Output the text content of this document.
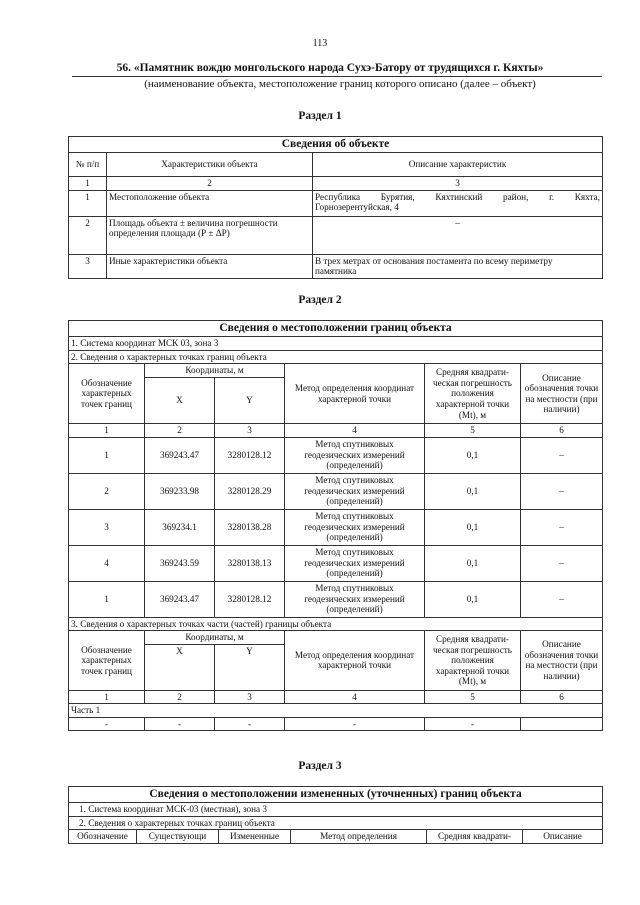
113
56. «Памятник вождю монгольского народа Сухэ-Батору от трудящихся г. Кяхты»
(наименование объекта, местоположение границ которого описано (далее – объект)
Раздел 1
Сведения об объекте		
№ п/п	Характеристики объекта	Описание характеристик
1	2	3
1	Местоположение объекта	Республика Бурятия, Кяхтинский район, г. Кяхта,
Горнозерентуйская, 4

2	Площадь объекта ± величина погрешности определения площади (Р ± ΔР)	–

3	Иные характеристики объекта	В трех метрах от основания постамента по всему периметру
памятника
Раздел 2
Сведения о местоположении границ объекта					
1. Система координат МСК 03, зона 3					
2. Сведения о характерных точках границ объекта					
Обозначение характерных точек границ	Координаты, м		Метод определения координат характерной точки	Средняя квадрати-ческая погрешность положения характерной точки (Mt), м	Описание обозначения точки на местности (при наличии)
	X	Y			
1	2	3	4	5	6
1	369243.47	3280128.12	Метод спутниковых геодезических измерений (определений)	0,1	–
2	369233.98	3280128.29	Метод спутниковых геодезических измерений (определений)	0,1	–
3	369234.1	3280138.28	Метод спутниковых геодезических измерений (определений)	0,1	–
4	369243.59	3280138.13	Метод спутниковых геодезических измерений (определений)	0,1	–
1	369243.47	3280128.12	Метод спутниковых геодезических измерений (определений)	0,1	–
3. Сведения о характерных точках части (частей) границы объекта					
Обозначение характерных точек границ	Координаты, м		Метод определения координат характерной точки	Средняя квадрати-ческая погрешность положения характерной точки (Mt), м	Описание обозначения точки на местности (при наличии)
	X	Y			
1	2	3	4	5	6
Часть 1					
-	-	-	-	-	
Раздел 3
Сведения о местоположении измененных (уточненных) границ объекта
1. Система координат МСК-03 (местная), зона 3
2. Сведения о характерных точках границ объекта
Обозначение	Существующи	Измененные	Метод определения	Средняя квадрати-	Описание
